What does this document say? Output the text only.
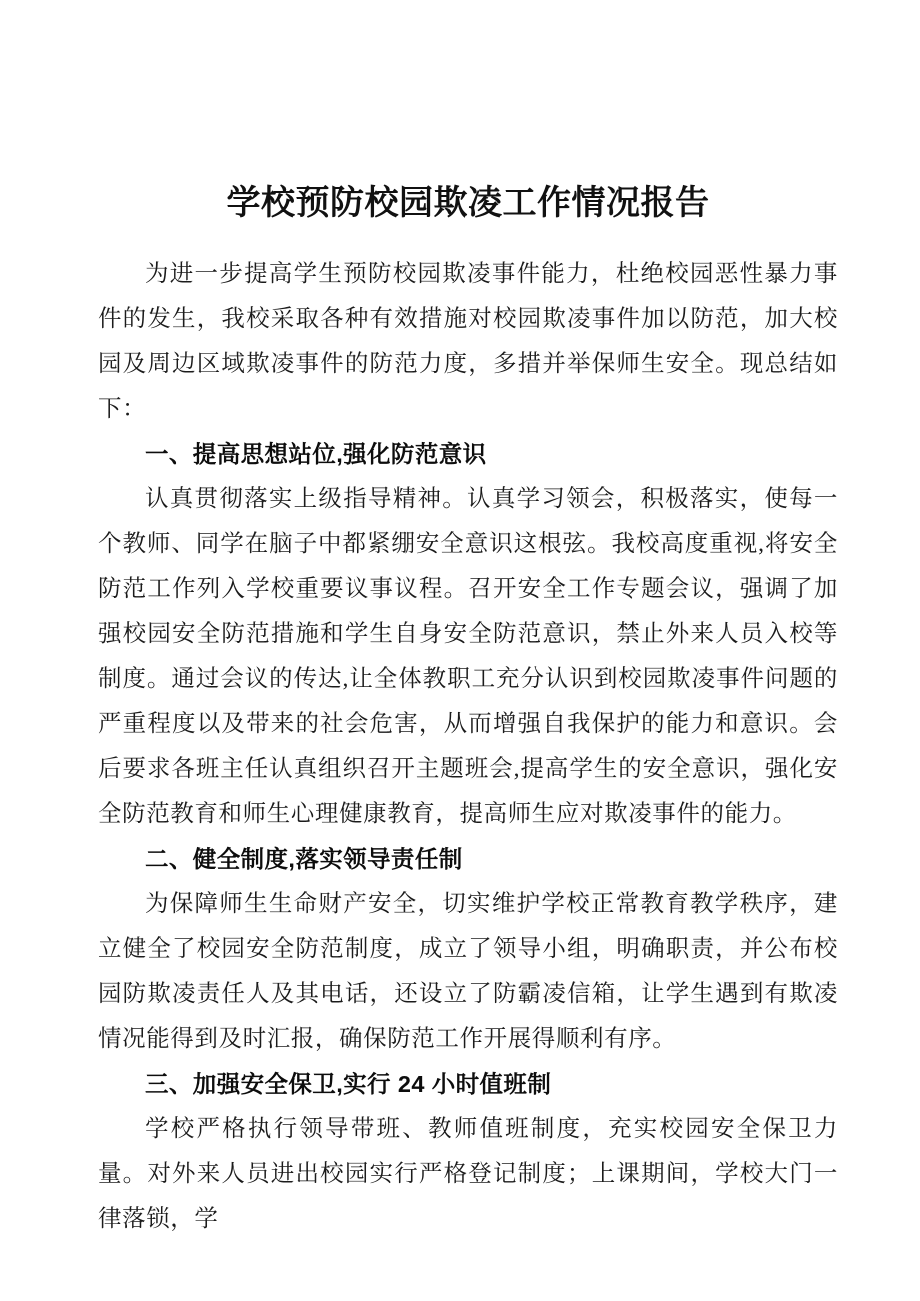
学校预防校园欺凌工作情况报告

为进一步提高学生预防校园欺凌事件能力，杜绝校园恶性暴力事件的发生，我校采取各种有效措施对校园欺凌事件加以防范，加大校园及周边区域欺凌事件的防范力度，多措并举保师生安全。现总结如下：

一、提高思想站位,强化防范意识

认真贯彻落实上级指导精神。认真学习领会，积极落实，使每一个教师、同学在脑子中都紧绷安全意识这根弦。我校高度重视,将安全防范工作列入学校重要议事议程。召开安全工作专题会议，强调了加强校园安全防范措施和学生自身安全防范意识，禁止外来人员入校等制度。通过会议的传达,让全体教职工充分认识到校园欺凌事件问题的严重程度以及带来的社会危害，从而增强自我保护的能力和意识。会后要求各班主任认真组织召开主题班会,提高学生的安全意识，强化安全防范教育和师生心理健康教育，提高师生应对欺凌事件的能力。

二、健全制度,落实领导责任制

为保障师生生命财产安全，切实维护学校正常教育教学秩序，建立健全了校园安全防范制度，成立了领导小组，明确职责，并公布校园防欺凌责任人及其电话，还设立了防霸凌信箱，让学生遇到有欺凌情况能得到及时汇报，确保防范工作开展得顺利有序。

三、加强安全保卫,实行 24 小时值班制

学校严格执行领导带班、教师值班制度，充实校园安全保卫力量。对外来人员进出校园实行严格登记制度；上课期间，学校大门一律落锁，学
